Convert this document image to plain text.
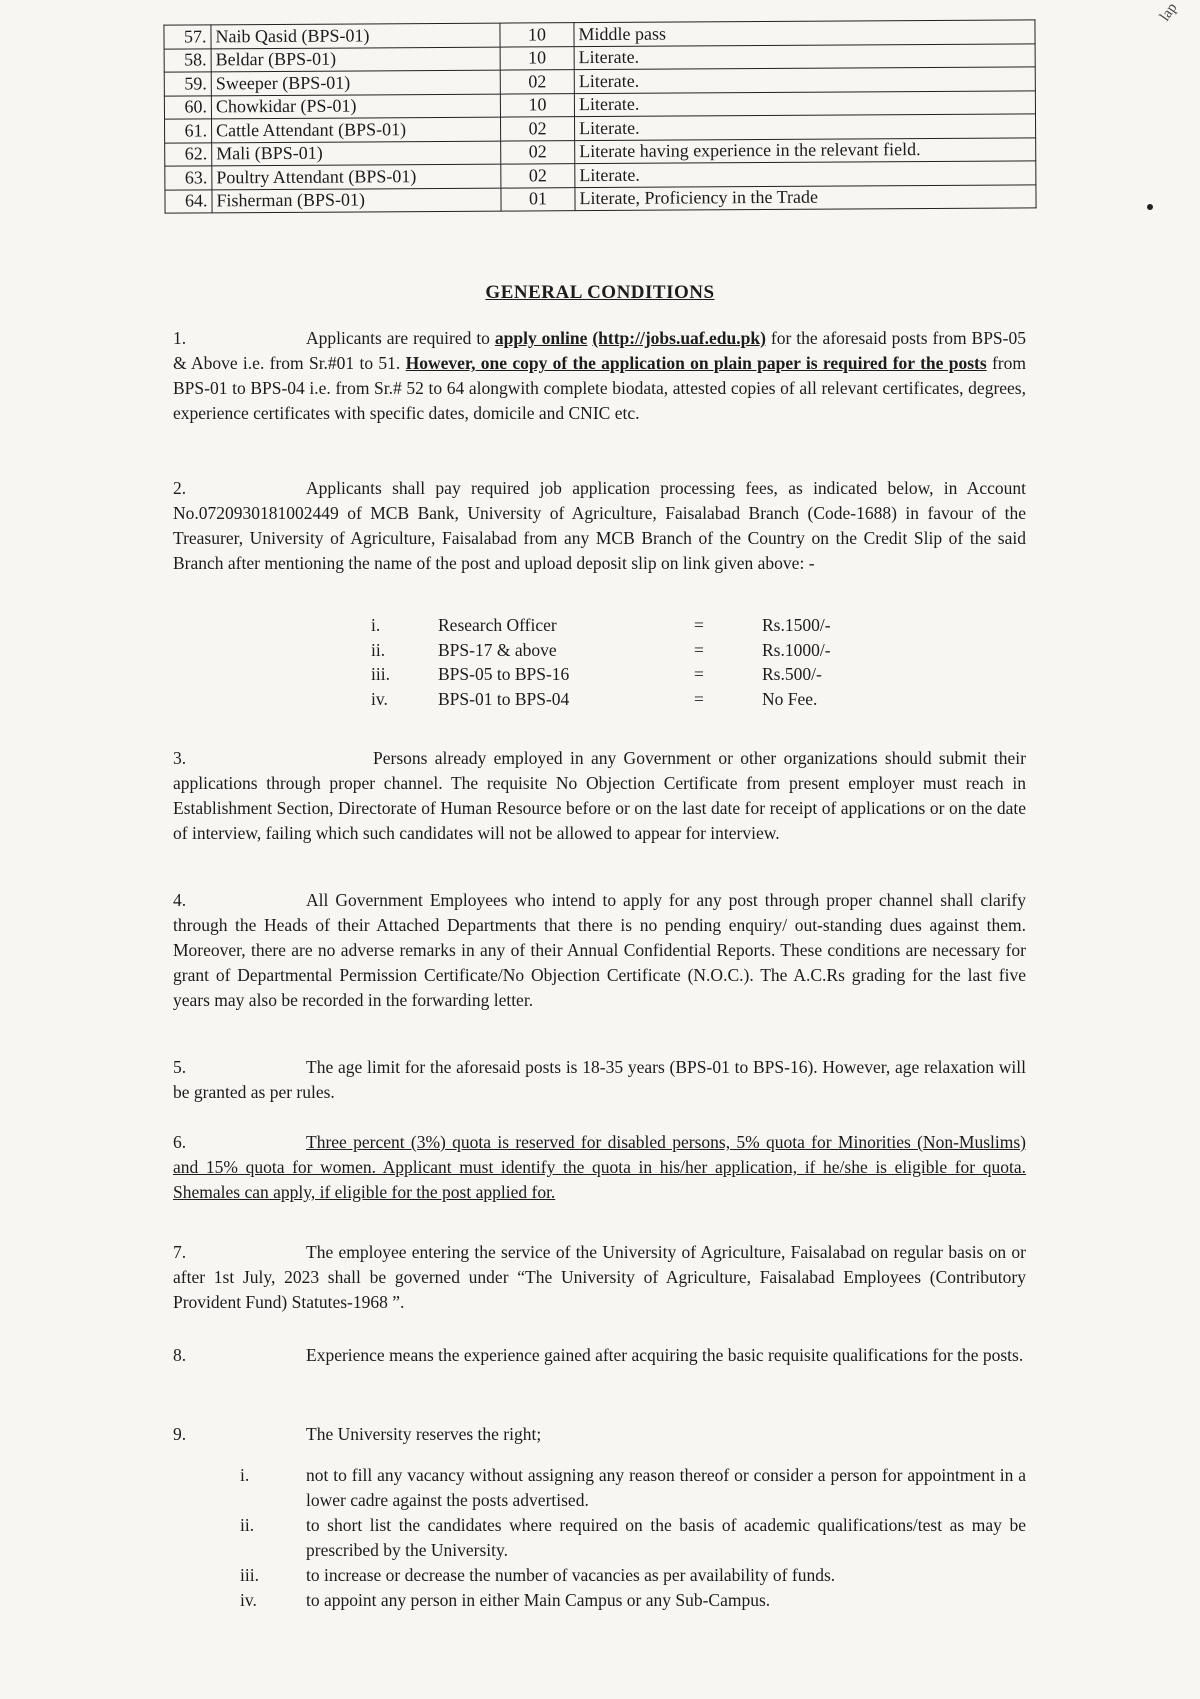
lap
57.	Naib Qasid (BPS-01)	10	Middle pass
58.	Beldar (BPS-01)	10	Literate.
59.	Sweeper (BPS-01)	02	Literate.
60.	Chowkidar (PS-01)	10	Literate.
61.	Cattle Attendant (BPS-01)	02	Literate.
62.	Mali (BPS-01)	02	Literate having experience in the relevant field.
63.	Poultry Attendant (BPS-01)	02	Literate.
64.	Fisherman (BPS-01)	01	Literate, Proficiency in the Trade
GENERAL CONDITIONS
1.	Applicants are required to apply online (http://jobs.uaf.edu.pk) for the aforesaid posts from BPS-05 & Above i.e. from Sr.#01 to 51. However, one copy of the application on plain paper is required for the posts from BPS-01 to BPS-04 i.e. from Sr.# 52 to 64 alongwith complete biodata, attested copies of all relevant certificates, degrees, experience certificates with specific dates, domicile and CNIC etc.
2.	Applicants shall pay required job application processing fees, as indicated below, in Account No.0720930181002449 of MCB Bank, University of Agriculture, Faisalabad Branch (Code-1688) in favour of the Treasurer, University of Agriculture, Faisalabad from any MCB Branch of the Country on the Credit Slip of the said Branch after mentioning the name of the post and upload deposit slip on link given above: -
i.	Research Officer	=	Rs.1500/-
ii.	BPS-17 & above	=	Rs.1000/-
iii.	BPS-05 to BPS-16	=	Rs.500/-
iv.	BPS-01 to BPS-04	=	No Fee.
3.	Persons already employed in any Government or other organizations should submit their applications through proper channel. The requisite No Objection Certificate from present employer must reach in Establishment Section, Directorate of Human Resource before or on the last date for receipt of applications or on the date of interview, failing which such candidates will not be allowed to appear for interview.
4.	All Government Employees who intend to apply for any post through proper channel shall clarify through the Heads of their Attached Departments that there is no pending enquiry/ out-standing dues against them. Moreover, there are no adverse remarks in any of their Annual Confidential Reports. These conditions are necessary for grant of Departmental Permission Certificate/No Objection Certificate (N.O.C.). The A.C.Rs grading for the last five years may also be recorded in the forwarding letter.
5.	The age limit for the aforesaid posts is 18-35 years (BPS-01 to BPS-16). However, age relaxation will be granted as per rules.
6.	Three percent (3%) quota is reserved for disabled persons, 5% quota for Minorities (Non-Muslims) and 15% quota for women. Applicant must identify the quota in his/her application, if he/she is eligible for quota. Shemales can apply, if eligible for the post applied for.
7.	The employee entering the service of the University of Agriculture, Faisalabad on regular basis on or after 1st July, 2023 shall be governed under “The University of Agriculture, Faisalabad Employees (Contributory Provident Fund) Statutes-1968 ”.
8.	Experience means the experience gained after acquiring the basic requisite qualifications for the posts.
9.	The University reserves the right;
i.	not to fill any vacancy without assigning any reason thereof or consider a person for appointment in a lower cadre against the posts advertised.
ii.	to short list the candidates where required on the basis of academic qualifications/test as may be prescribed by the University.
iii.	to increase or decrease the number of vacancies as per availability of funds.
iv.	to appoint any person in either Main Campus or any Sub-Campus.
